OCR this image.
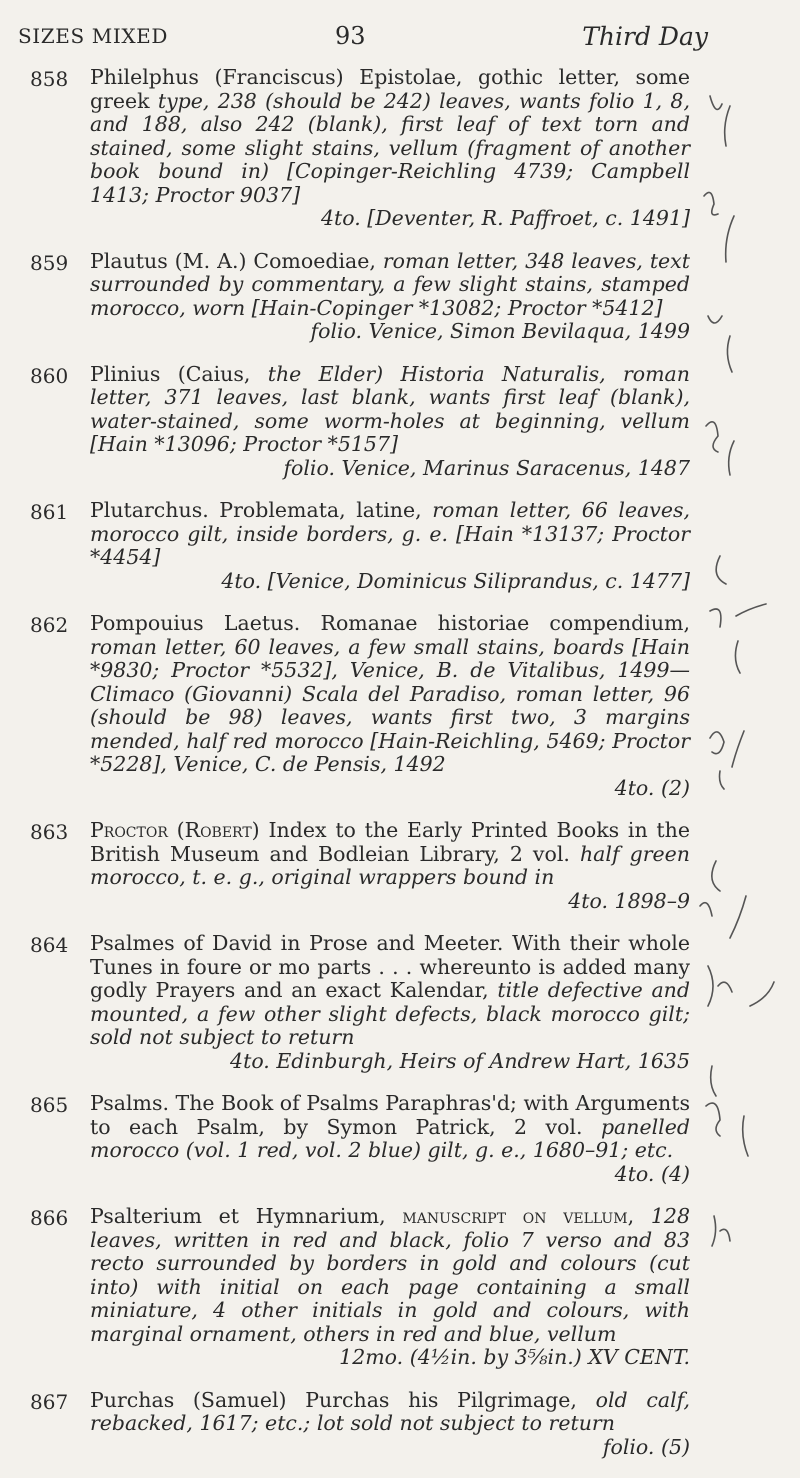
SIZES MIXED	93	Third Day
858	Philelphus (Franciscus) Epistolae, gothic letter, some greek type, 238 (should be 242) leaves, wants folio 1, 8, and 188, also 242 (blank), first leaf of text torn and stained, some slight stains, vellum (fragment of another book bound in) [Copinger-Reichling 4739; Campbell 1413; Proctor 9037]
4to. [Deventer, R. Paffroet, c. 1491]
859	Plautus (M. A.) Comoediae, roman letter, 348 leaves, text surrounded by commentary, a few slight stains, stamped morocco, worn [Hain-Copinger *13082; Proctor *5412]
folio. Venice, Simon Bevilaqua, 1499
860	Plinius (Caius, the Elder) Historia Naturalis, roman letter, 371 leaves, last blank, wants first leaf (blank), water-stained, some worm-holes at beginning, vellum [Hain *13096; Proctor *5157]
folio. Venice, Marinus Saracenus, 1487
861	Plutarchus. Problemata, latine, roman letter, 66 leaves, morocco gilt, inside borders, g. e. [Hain *13137; Proctor *4454]
4to. [Venice, Dominicus Siliprandus, c. 1477]
862	Pompouius Laetus. Romanae historiae compendium, roman letter, 60 leaves, a few small stains, boards [Hain *9830; Proctor *5532], Venice, B. de Vitalibus, 1499— Climaco (Giovanni) Scala del Paradiso, roman letter, 96 (should be 98) leaves, wants first two, 3 margins mended, half red morocco [Hain-Reichling, 5469; Proctor *5228], Venice, C. de Pensis, 1492
4to. (2)
863	Proctor (Robert) Index to the Early Printed Books in the British Museum and Bodleian Library, 2 vol. half green morocco, t. e. g., original wrappers bound in
4to. 1898–9
864	Psalmes of David in Prose and Meeter. With their whole Tunes in foure or mo parts . . . whereunto is added many godly Prayers and an exact Kalendar, title defective and mounted, a few other slight defects, black morocco gilt; sold not subject to return
4to. Edinburgh, Heirs of Andrew Hart, 1635
865	Psalms. The Book of Psalms Paraphras'd; with Arguments to each Psalm, by Symon Patrick, 2 vol. panelled morocco (vol. 1 red, vol. 2 blue) gilt, g. e., 1680–91; etc.
4to. (4)
866	Psalterium et Hymnarium, manuscript on vellum, 128 leaves, written in red and black, folio 7 verso and 83 recto surrounded by borders in gold and colours (cut into) with initial on each page containing a small miniature, 4 other initials in gold and colours, with marginal ornament, others in red and blue, vellum
12mo. (4½in. by 3⅝in.) XV CENT.
867	Purchas (Samuel) Purchas his Pilgrimage, old calf, rebacked, 1617; etc.; lot sold not subject to return
folio. (5)
